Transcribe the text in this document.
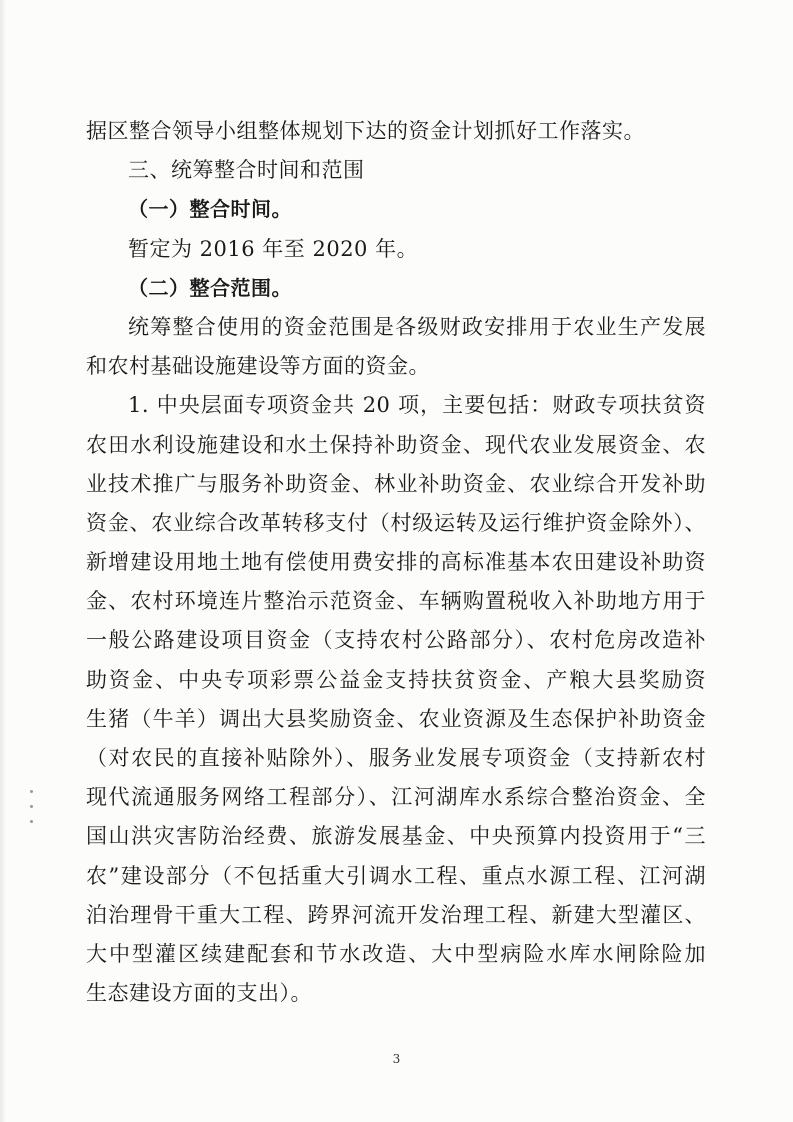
据区整合领导小组整体规划下达的资金计划抓好工作落实。
三、统筹整合时间和范围
（一）整合时间。
暂定为 2016 年至 2020 年。
（二）整合范围。
统筹整合使用的资金范围是各级财政安排用于农业生产发展
和农村基础设施建设等方面的资金。
1. 中央层面专项资金共 20 项，主要包括：财政专项扶贫资
农田水利设施建设和水土保持补助资金、现代农业发展资金、农
业技术推广与服务补助资金、林业补助资金、农业综合开发补助
资金、农业综合改革转移支付（村级运转及运行维护资金除外）、
新增建设用地土地有偿使用费安排的高标准基本农田建设补助资
金、农村环境连片整治示范资金、车辆购置税收入补助地方用于
一般公路建设项目资金（支持农村公路部分）、农村危房改造补
助资金、中央专项彩票公益金支持扶贫资金、产粮大县奖励资
生猪（牛羊）调出大县奖励资金、农业资源及生态保护补助资金
（对农民的直接补贴除外）、服务业发展专项资金（支持新农村
现代流通服务网络工程部分）、江河湖库水系综合整治资金、全
国山洪灾害防治经费、旅游发展基金、中央预算内投资用于“三
农”建设部分（不包括重大引调水工程、重点水源工程、江河湖
泊治理骨干重大工程、跨界河流开发治理工程、新建大型灌区、
大中型灌区续建配套和节水改造、大中型病险水库水闸除险加
生态建设方面的支出）。
3
